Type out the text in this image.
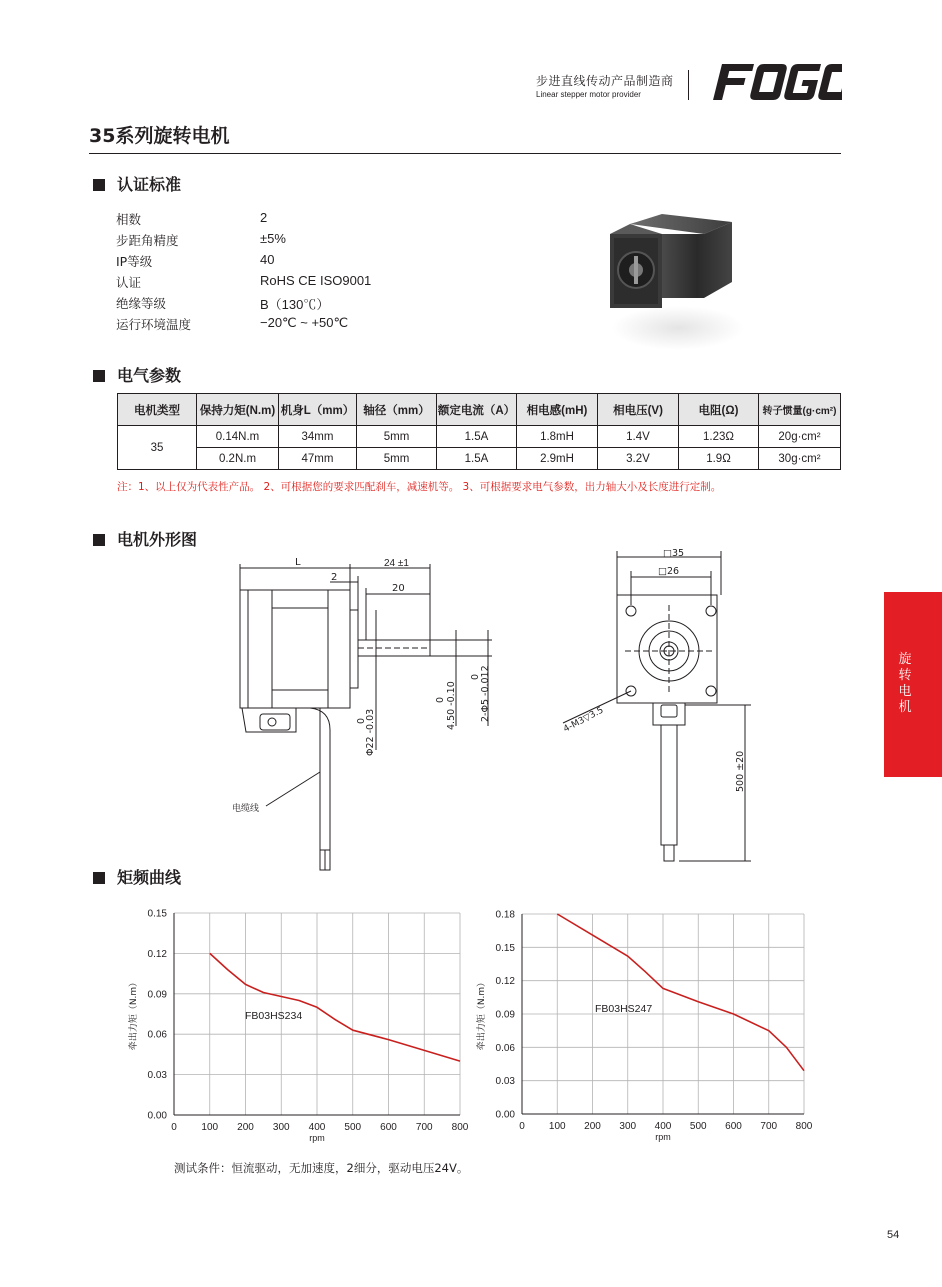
步进直线传动产品制造商
Linear stepper motor provider
35系列旋转电机
认证标准
相数	2
步距角精度	±5%
IP等级	40
认证	RoHS CE ISO9001
绝缘等级	B（130℃）
运行环境温度	−20℃ ~ +50℃
电气参数
电机类型	保持力矩(N.m)	机身L（mm）	轴径（mm）	额定电流（A）	相电感(mH)	相电压(V)	电阻(Ω)	转子惯量(g·cm²)
35	0.14N.m	34mm	5mm	1.5A	1.8mH	1.4V	1.23Ω	20g·cm²
	0.2N.m	47mm	5mm	1.5A	2.9mH	3.2V	1.9Ω	30g·cm²
注：1、以上仅为代表性产品。 2、可根据您的要求匹配刹车，减速机等。 3、可根据要求电气参数，出力轴大小及长度进行定制。
电机外形图
L	24 ±1
2
20
电缆线
0 2-Φ5 -0.012
0 4.50 -0.10
0
Φ22 -0.03
□35
□26
4-M3▽3.5
500 ±20
矩频曲线
0 100 200 300 400 500 600 700 800
0.00
0.03
0.06
0.09
0.12
0.15
rpm
牵出力矩（N.m）	FB03HS234
0 100 200 300 400 500 600 700 800
0.00
0.03
0.06
0.09
0.12
0.15
0.18
rpm
牵出力矩（N.m）	FB03HS247
测试条件：恒流驱动，无加速度，2细分，驱动电压24V。
旋转电机
54
